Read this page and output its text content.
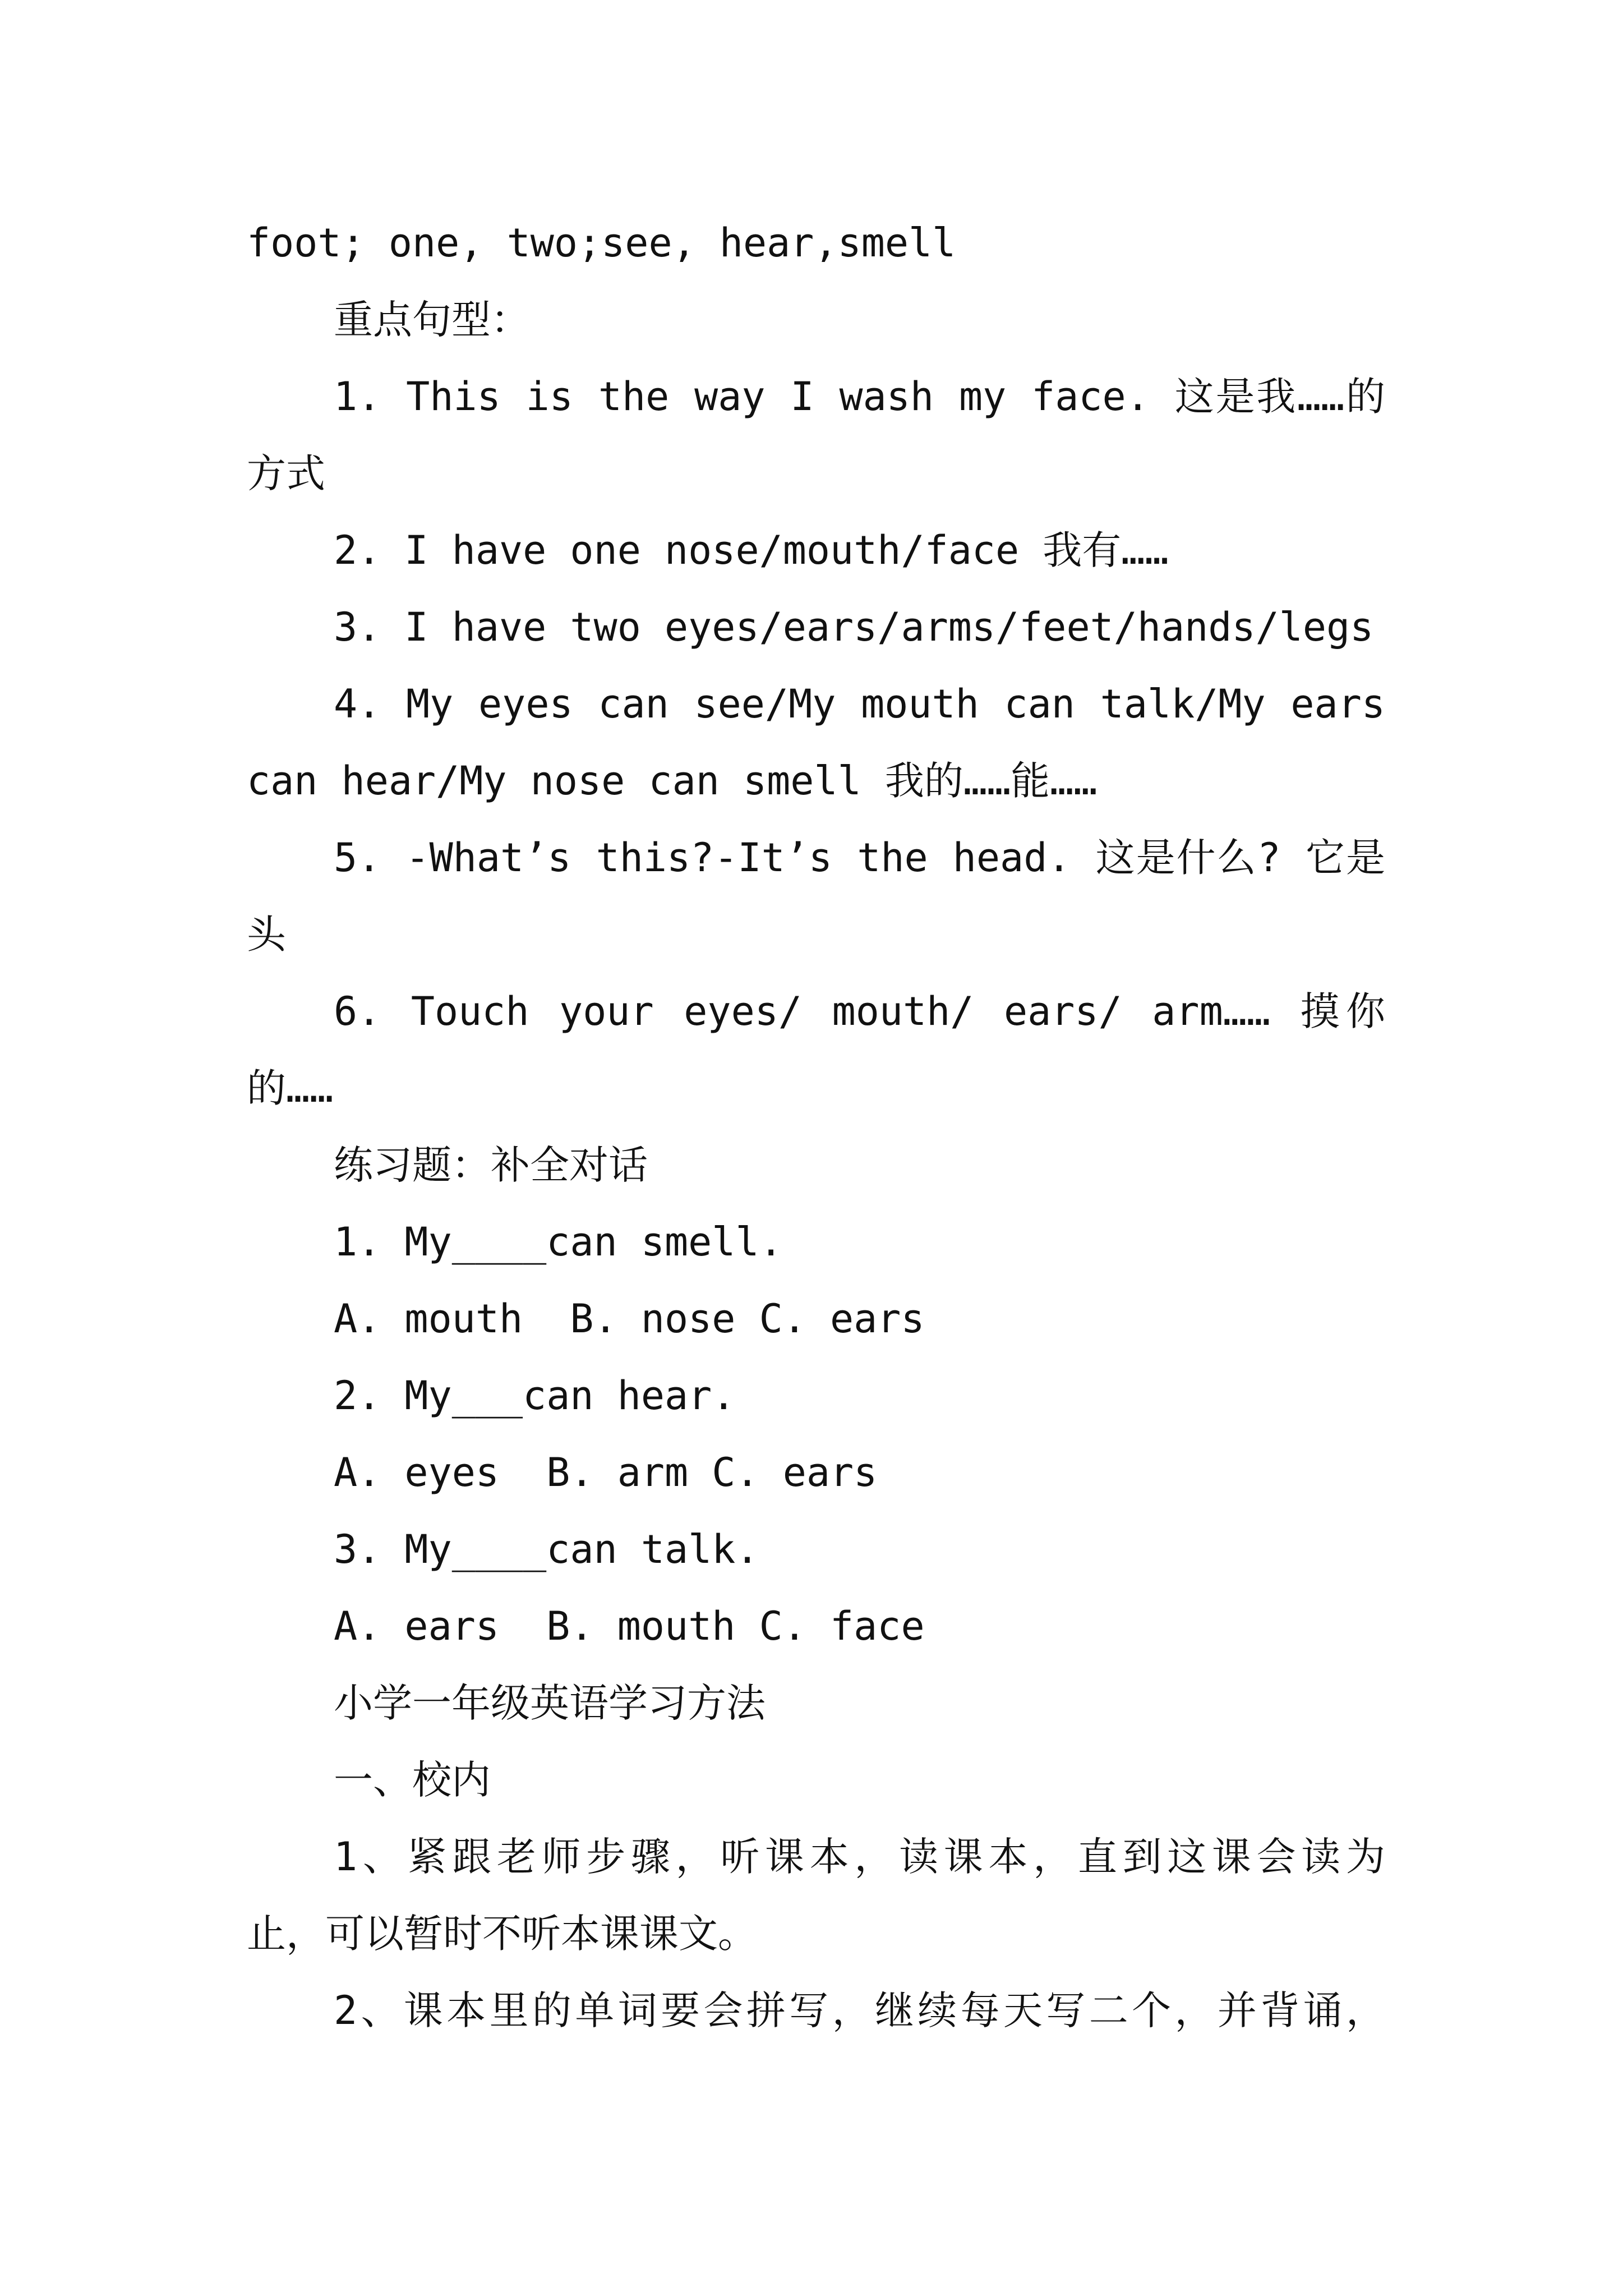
foot; one, two;see, hear,smell
重点句型：
1. This is the way I wash my face. 这是我……的
方式
2. I have one nose/mouth/face 我有……
3. I have two eyes/ears/arms/feet/hands/legs
4. My eyes can see/My mouth can talk/My ears
can hear/My nose can smell 我的……能……
5. -What’s this?-It’s the head. 这是什么? 它是
头
6. Touch your eyes/ mouth/ ears/ arm…… 摸你
的……
练习题：补全对话
1. My____can smell.
A. mouth  B. nose C. ears
2. My___can hear.
A. eyes  B. arm C. ears
3. My____can talk.
A. ears  B. mouth C. face
小学一年级英语学习方法
一、校内
1、紧跟老师步骤，听课本，读课本，直到这课会读为
止，可以暂时不听本课课文。
2、课本里的单词要会拼写，继续每天写二个，并背诵，
